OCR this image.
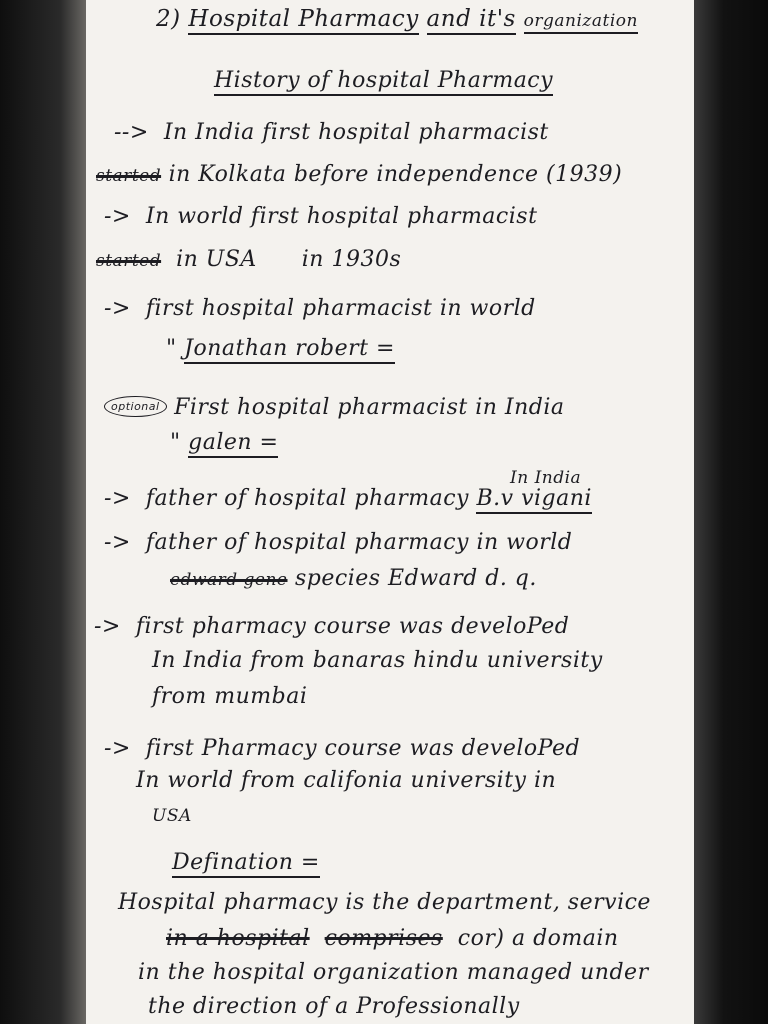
2) Hospital Pharmacy and it's organization
History of hospital Pharmacy
--> In India first hospital pharmacist
started in Kolkata before independence (1939)
-> In world first hospital pharmacist
started in USA in 1930s
-> first hospital pharmacist in world
" Jonathan robert =
optional First hospital pharmacist in India
" galen =
In India
-> father of hospital pharmacy B.v vigani
-> father of hospital pharmacy in world
edward gene species Edward d. q.
-> first pharmacy course was develoPed
In India from banaras hindu university
from mumbai
-> first Pharmacy course was develoPed
In world from califonia university in
USA
Defination =
Hospital pharmacy is the department, service
in a hospital comprises cor) a domain
in the hospital organization managed under
the direction of a Professionally
